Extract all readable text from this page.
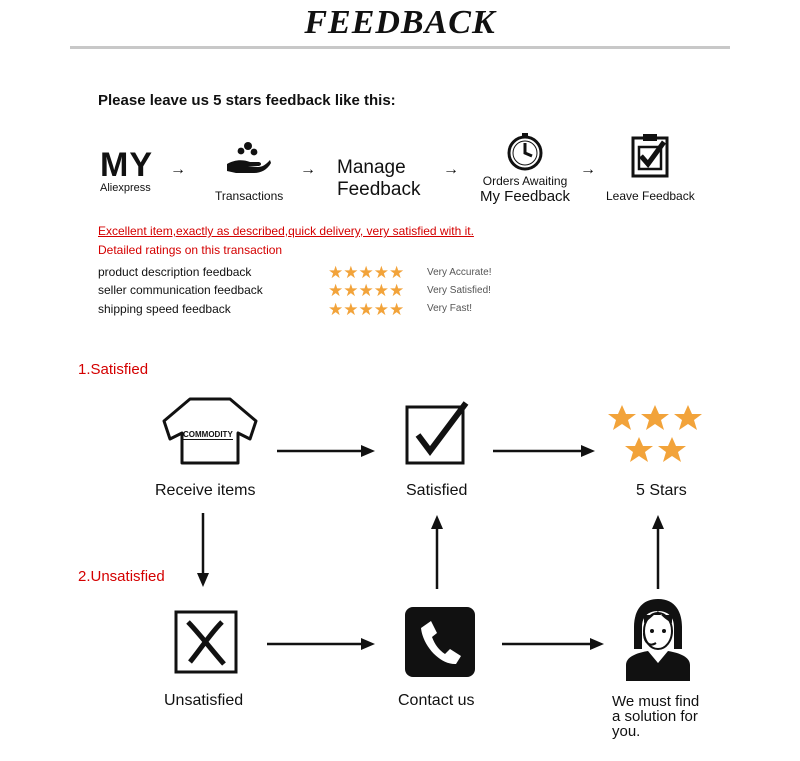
FEEDBACK
Please leave us 5 stars feedback like this:
MY
Aliexpress
→
Transactions
→ Manage
Feedback
→
Orders Awaiting
My Feedback
→
Leave Feedback
Excellent item,exactly as described,quick delivery, very satisfied with it.
Detailed ratings on this transaction
product description feedback	★★★★★ Very Accurate!
seller communication feedback	★★★★★ Very Satisfied!
shipping speed feedback	★★★★★ Very Fast!
1.Satisfied
COMMODITY
Receive items	Satisfied	5 Stars
2.Unsatisfied
Unsatisfied	Contact us	We must find
a solution for
you.
